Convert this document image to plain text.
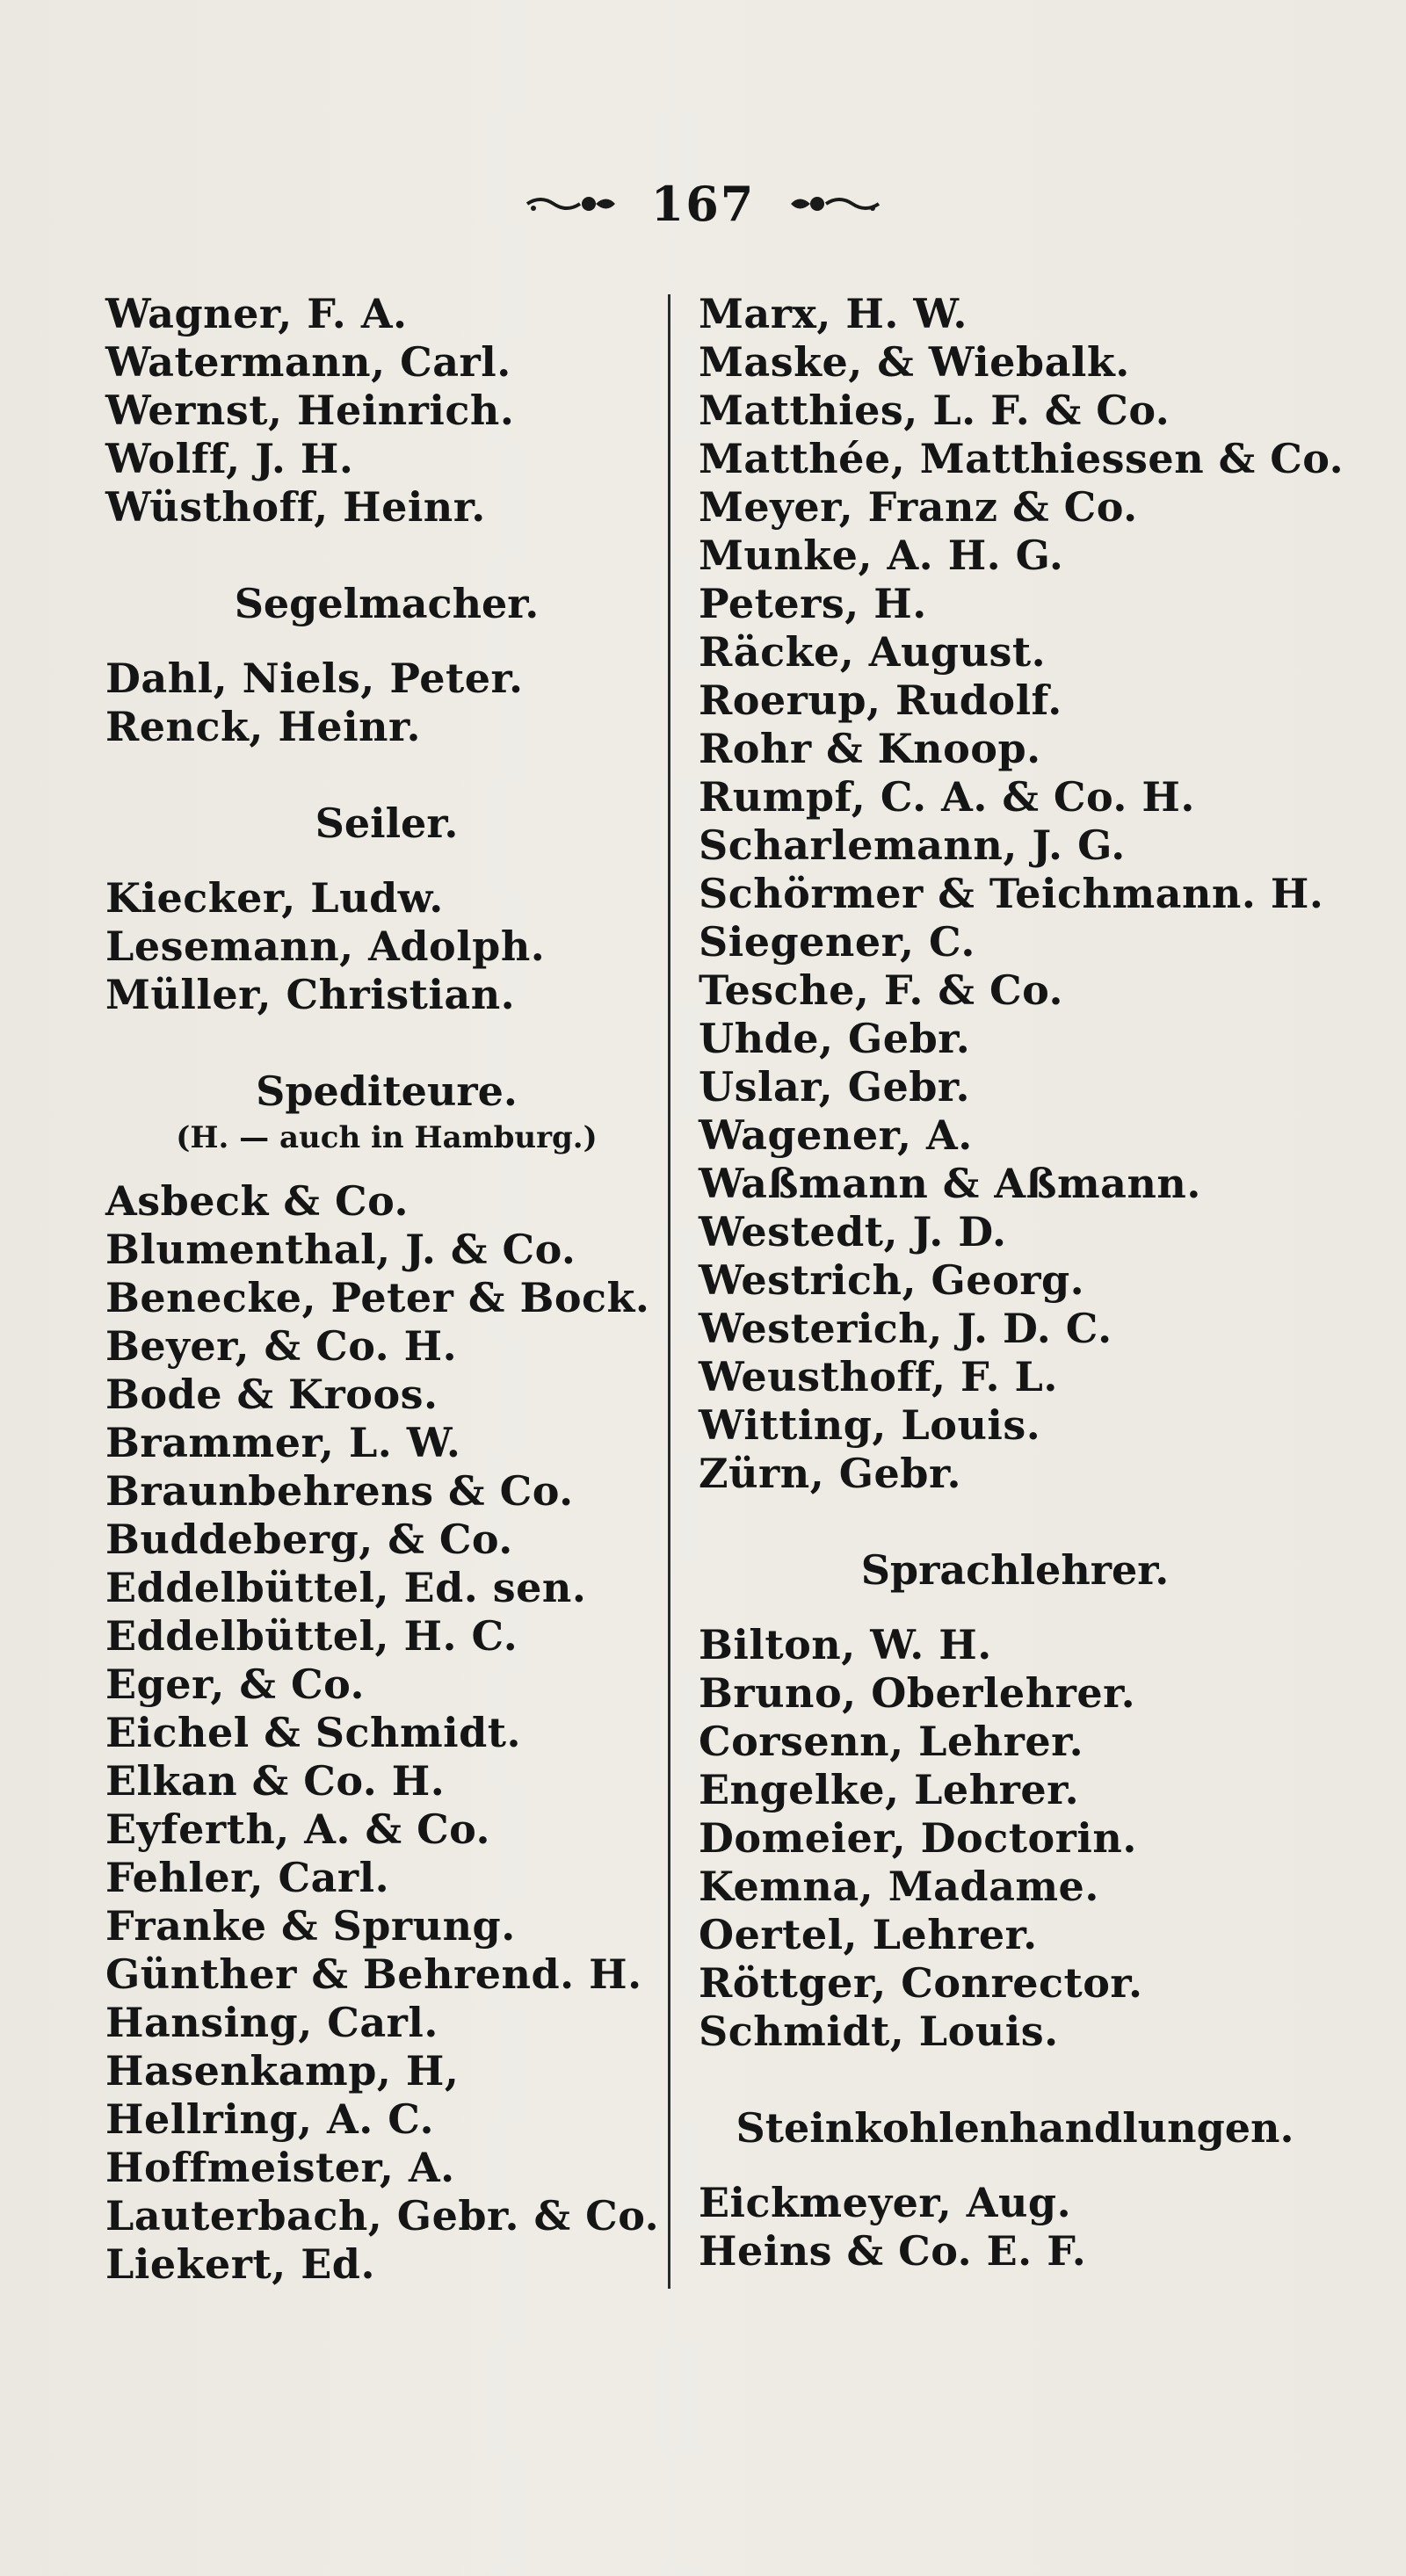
167
Wagner, F. A.
Watermann, Carl.
Wernst, Heinrich.
Wolff, J. H.
Wüsthoff, Heinr.
Segelmacher.
Dahl, Niels, Peter.
Renck, Heinr.
Seiler.
Kiecker, Ludw.
Lesemann, Adolph.
Müller, Christian.
Spediteure.
(H. — auch in Hamburg.)
Asbeck & Co.
Blumenthal, J. & Co.
Benecke, Peter & Bock.
Beyer, & Co. H.
Bode & Kroos.
Brammer, L. W.
Braunbehrens & Co.
Buddeberg, & Co.
Eddelbüttel, Ed. sen.
Eddelbüttel, H. C.
Eger, & Co.
Eichel & Schmidt.
Elkan & Co. H.
Eyferth, A. & Co.
Fehler, Carl.
Franke & Sprung.
Günther & Behrend. H.
Hansing, Carl.
Hasenkamp, H,
Hellring, A. C.
Hoffmeister, A.
Lauterbach, Gebr. & Co.
Liekert, Ed.
Marx, H. W.
Maske, & Wiebalk.
Matthies, L. F. & Co.
Matthée, Matthiessen & Co.
Meyer, Franz & Co.
Munke, A. H. G.
Peters, H.
Räcke, August.
Roerup, Rudolf.
Rohr & Knoop.
Rumpf, C. A. & Co. H.
Scharlemann, J. G.
Schörmer & Teichmann. H.
Siegener, C.
Tesche, F. & Co.
Uhde, Gebr.
Uslar, Gebr.
Wagener, A.
Waßmann & Aßmann.
Westedt, J. D.
Westrich, Georg.
Westerich, J. D. C.
Weusthoff, F. L.
Witting, Louis.
Zürn, Gebr.
Sprachlehrer.
Bilton, W. H.
Bruno, Oberlehrer.
Corsenn, Lehrer.
Engelke, Lehrer.
Domeier, Doctorin.
Kemna, Madame.
Oertel, Lehrer.
Röttger, Conrector.
Schmidt, Louis.
Steinkohlenhandlungen.
Eickmeyer, Aug.
Heins & Co. E. F.
